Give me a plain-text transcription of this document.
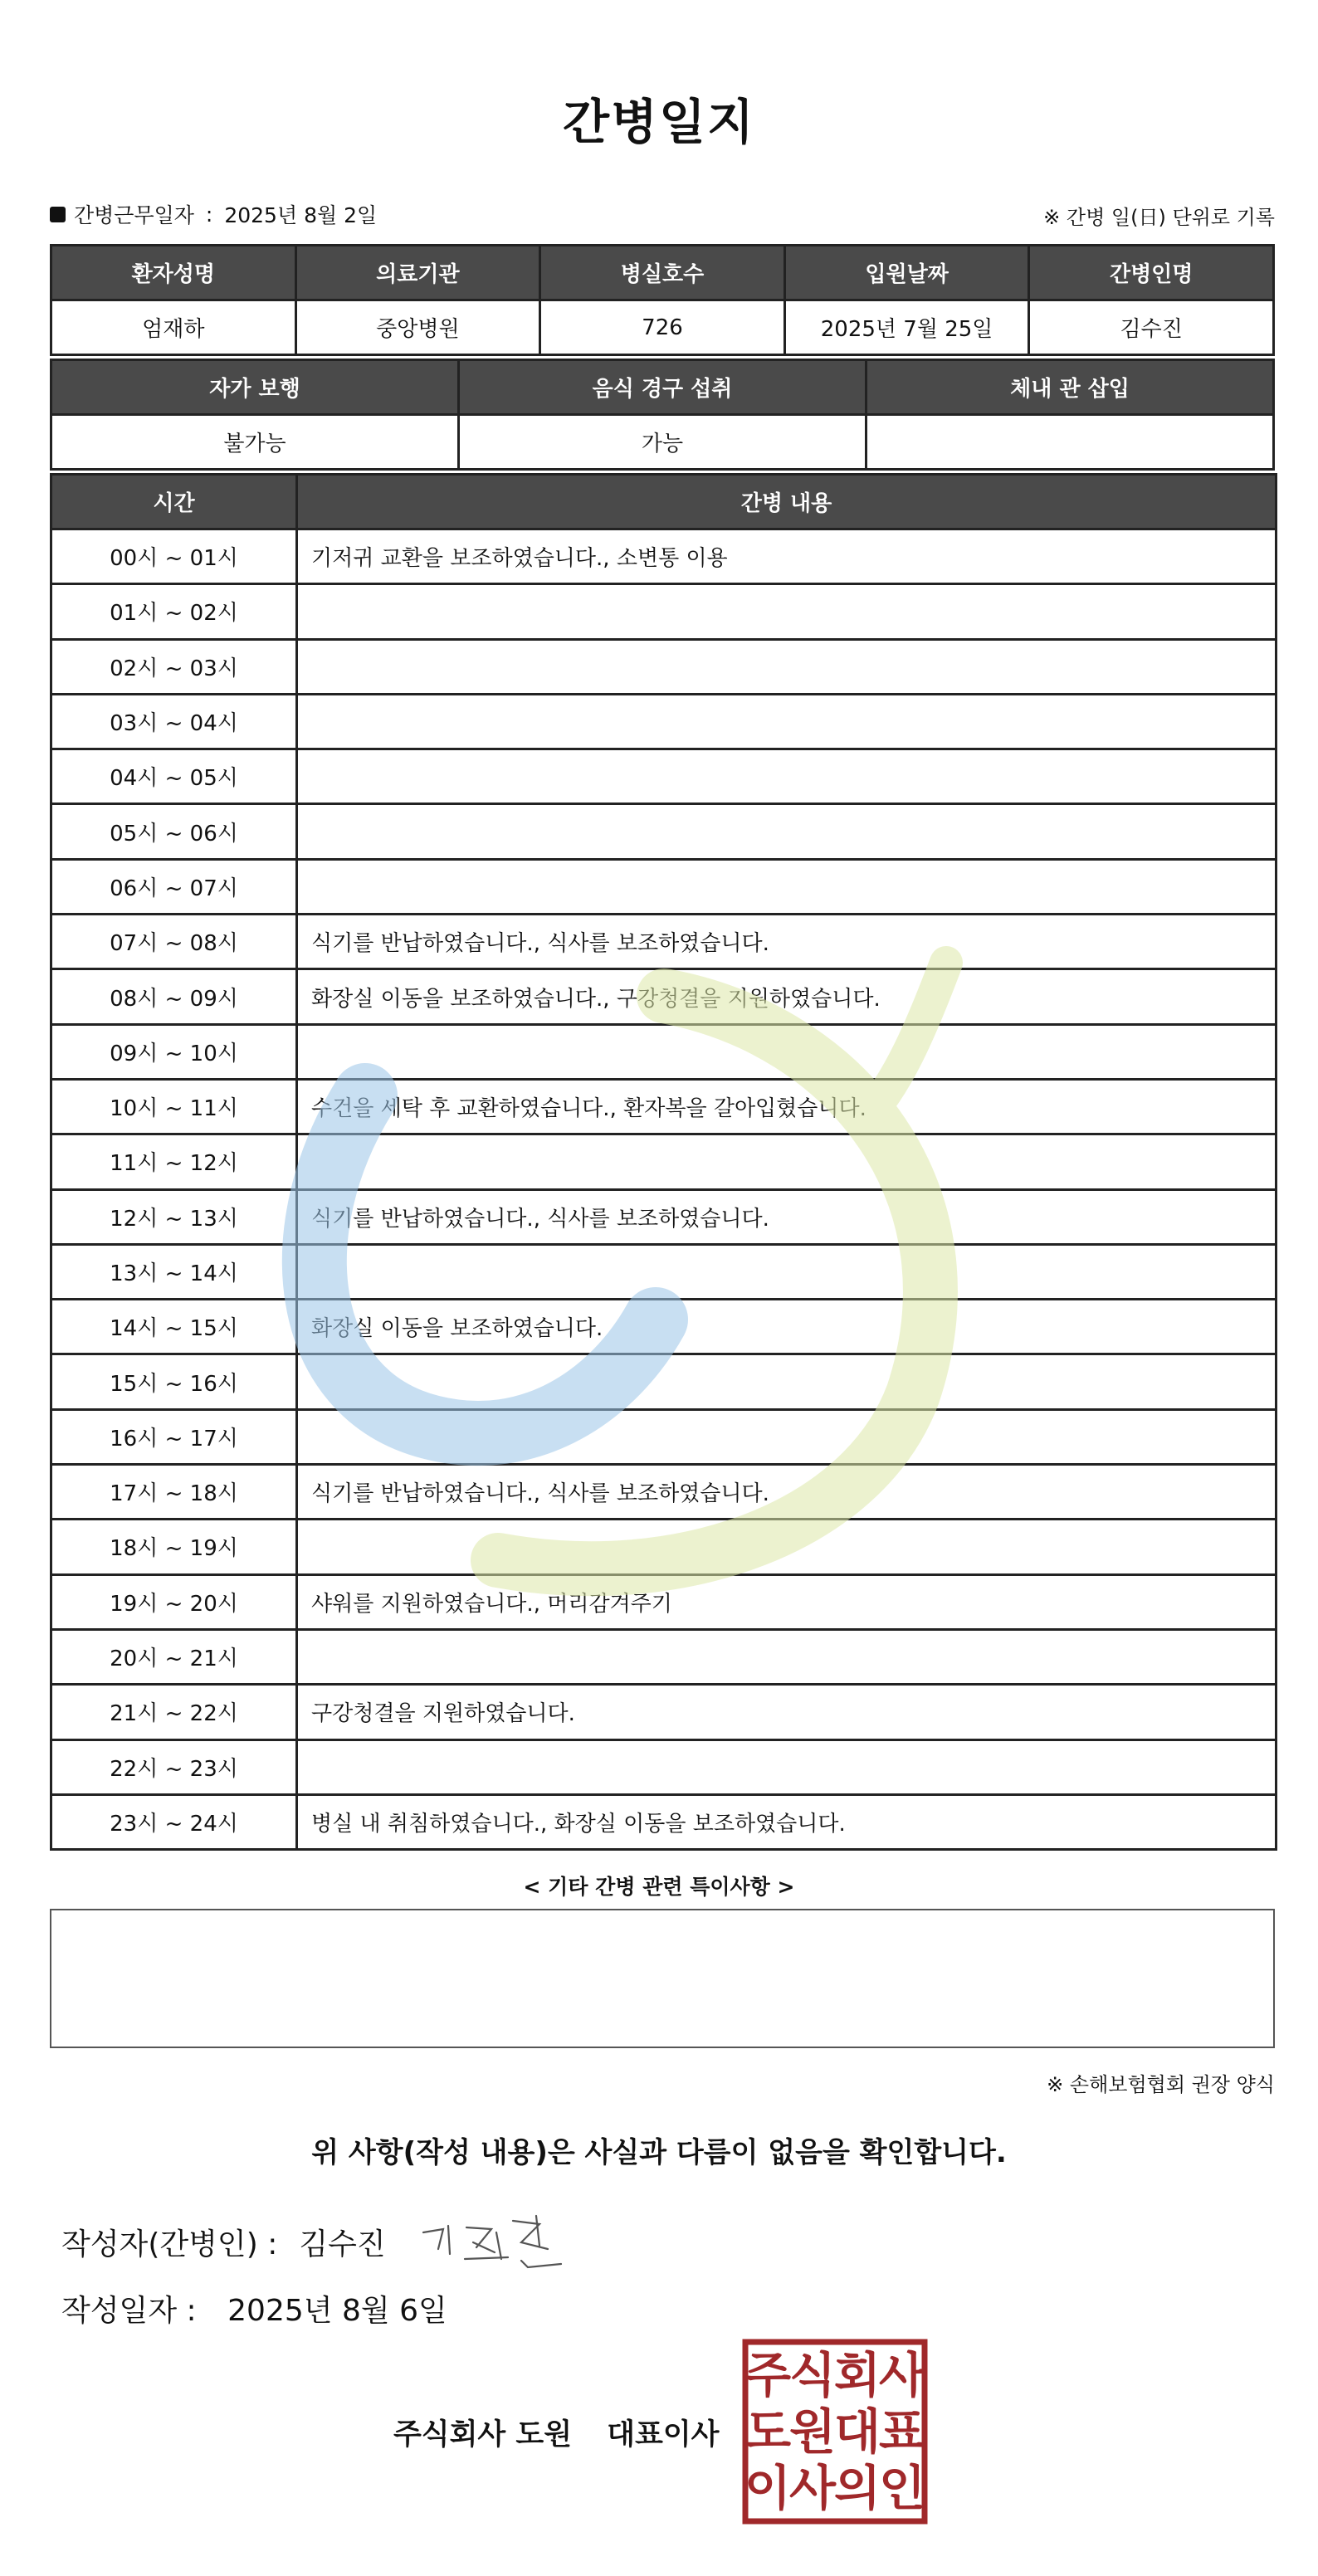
간병일지
간병근무일자 : 2025년 8월 2일	※ 간병 일(日) 단위로 기록
환자성명	의료기관	병실호수	입원날짜	간병인명
엄재하	중앙병원	726	2025년 7월 25일	김수진
자가 보행	음식 경구 섭취	체내 관 삽입
불가능	가능	
시간	간병 내용
00시 ~ 01시	기저귀 교환을 보조하였습니다., 소변통 이용
01시 ~ 02시	
02시 ~ 03시	
03시 ~ 04시	
04시 ~ 05시	
05시 ~ 06시	
06시 ~ 07시	
07시 ~ 08시	식기를 반납하였습니다., 식사를 보조하였습니다.
08시 ~ 09시	화장실 이동을 보조하였습니다., 구강청결을 지원하였습니다.
09시 ~ 10시	
10시 ~ 11시	수건을 세탁 후 교환하였습니다., 환자복을 갈아입혔습니다.
11시 ~ 12시	
12시 ~ 13시	식기를 반납하였습니다., 식사를 보조하였습니다.
13시 ~ 14시	
14시 ~ 15시	화장실 이동을 보조하였습니다.
15시 ~ 16시	
16시 ~ 17시	
17시 ~ 18시	식기를 반납하였습니다., 식사를 보조하였습니다.
18시 ~ 19시	
19시 ~ 20시	샤워를 지원하였습니다., 머리감겨주기
20시 ~ 21시	
21시 ~ 22시	구강청결을 지원하였습니다.
22시 ~ 23시	
23시 ~ 24시	병실 내 취침하였습니다., 화장실 이동을 보조하였습니다.
< 기타 간병 관련 특이사항 >
※ 손해보험협회 권장 양식
위 사항(작성 내용)은 사실과 다름이 없음을 확인합니다.
작성자(간병인) : 김수진
작성일자 : 2025년 8월 6일
주식회사 도원 대표이사
주
식
회
사
도
원
대
표
이
사
의
인
